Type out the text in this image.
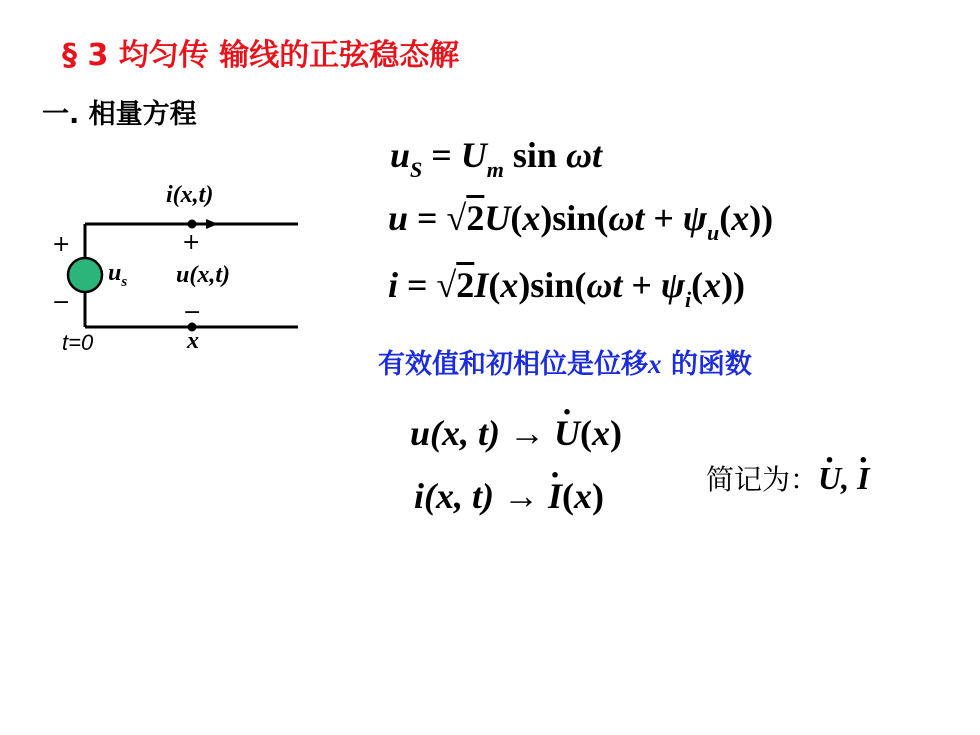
§ 3 均匀传 输线的正弦稳态解
一. 相量方程
i(x,t)
+
−
+
−
$u_s$ u(x,t)
t=0	x
$u_S = U_m$ sin ωt
$u = √2U(x)\sin(\omega t + \psi_u(x))$
$i = √2I(x)\sin(\omega t + \psi_i(x))$
有效值和初相位是位移x 的函数
u(x, t) → U ·(x)
i(x, t) → I ·(x)	简记为：U ·, I ·
